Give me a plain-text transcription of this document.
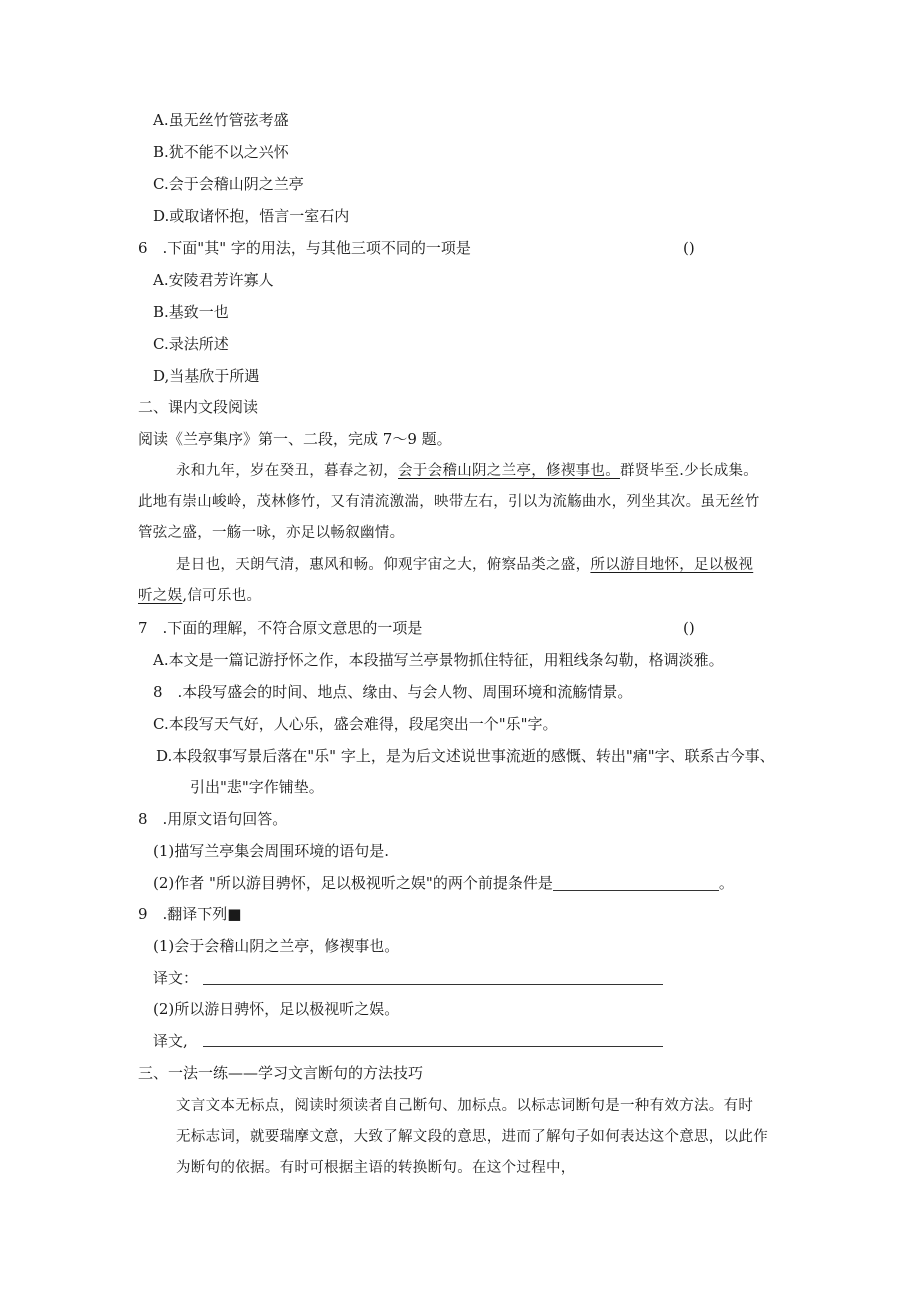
A.虽无丝竹管弦考盛
B.犹不能不以之兴怀
C.会于会稽山阴之兰亭
D.或取诸怀抱，悟言一室石内
6　.下面"其" 字的用法，与其他三项不同的一项是	()
A.安陵君芳许寡人
B.基致一也
C.录法所述
D,当基欣于所遇
二、课内文段阅读
阅读《兰亭集序》第一、二段，完成 7～9 题。
永和九年，岁在癸丑，暮春之初，会于会稽山阴之兰亭，修禊事也。群贤毕至.少长成集。
此地有崇山峻岭，茂林修竹，又有清流激湍，映带左右，引以为流觞曲水，列坐其次。虽无丝竹
管弦之盛，一觞一咏，亦足以畅叙幽情。
是日也，天朗气清，惠风和畅。仰观宇宙之大，俯察品类之盛，所以游目地怀，足以极视
听之娱,信可乐也。
7　.下面的理解，不符合原文意思的一项是	()
A.本文是一篇记游抒怀之作，本段描写兰亭景物抓住特征，用粗线条勾勒，格调淡雅。
8　.本段写盛会的时间、地点、缘由、与会人物、周围环境和流觞情景。
C.本段写天气好，人心乐，盛会难得，段尾突出一个"乐"字。
D.本段叙事写景后落在"乐" 字上，是为后文述说世事流逝的感慨、转出"痛"字、联系古今事、
引出"悲"字作铺垫。
8　.用原文语句回答。
(1)描写兰亭集会周围环境的语句是.
(2)作者 "所以游目骋怀，足以极视听之娱"的两个前提条件是	。
9　.翻译下列■
(1)会于会稽山阴之兰亭，修禊事也。
译文：
(2)所以游日骋怀，足以极视听之娱。
译文,
三、一法一练——学习文言断句的方法技巧
文言文本无标点，阅读时须读者自己断句、加标点。以标志词断句是一种有效方法。有时
无标志词，就要瑞摩文意，大致了解文段的意思，进而了解句子如何表达这个意思，以此作
为断句的依据。有时可根据主语的转换断句。在这个过程中，
